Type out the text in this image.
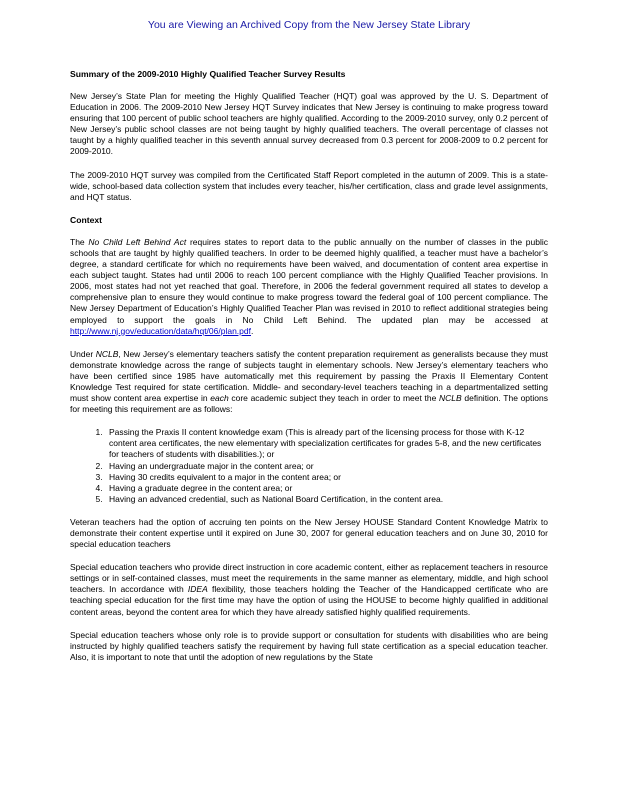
You are Viewing an Archived Copy from the New Jersey State Library
Summary of the 2009-2010 Highly Qualified Teacher Survey Results

New Jersey’s State Plan for meeting the Highly Qualified Teacher (HQT) goal was approved by the U. S. Department of Education in 2006. The 2009-2010 New Jersey HQT Survey indicates that New Jersey is continuing to make progress toward ensuring that 100 percent of public school teachers are highly qualified. According to the 2009-2010 survey, only 0.2 percent of New Jersey’s public school classes are not being taught by highly qualified teachers. The overall percentage of classes not taught by a highly qualified teacher in this seventh annual survey decreased from 0.3 percent for 2008-2009 to 0.2 percent for 2009-2010.

The 2009-2010 HQT survey was compiled from the Certificated Staff Report completed in the autumn of 2009. This is a state-wide, school-based data collection system that includes every teacher, his/her certification, class and grade level assignments, and HQT status.

Context

The No Child Left Behind Act requires states to report data to the public annually on the number of classes in the public schools that are taught by highly qualified teachers. In order to be deemed highly qualified, a teacher must have a bachelor’s degree, a standard certificate for which no requirements have been waived, and documentation of content area expertise in each subject taught. States had until 2006 to reach 100 percent compliance with the Highly Qualified Teacher provisions. In 2006, most states had not yet reached that goal. Therefore, in 2006 the federal government required all states to develop a comprehensive plan to ensure they would continue to make progress toward the federal goal of 100 percent compliance. The New Jersey Department of Education’s Highly Qualified Teacher Plan was revised in 2010 to reflect additional strategies being employed to support the goals in No Child Left Behind. The updated plan may be accessed at http://www.nj.gov/education/data/hqt/06/plan.pdf.

Under NCLB, New Jersey’s elementary teachers satisfy the content preparation requirement as generalists because they must demonstrate knowledge across the range of subjects taught in elementary schools. New Jersey’s elementary teachers who have been certified since 1985 have automatically met this requirement by passing the Praxis II Elementary Content Knowledge Test required for state certification. Middle- and secondary-level teachers teaching in a departmentalized setting must show content area expertise in each core academic subject they teach in order to meet the NCLB definition. The options for meeting this requirement are as follows:

1. Passing the Praxis II content knowledge exam (This is already part of the licensing process for those with K-12 content area certificates, the new elementary with specialization certificates for grades 5-8, and the new certificates for teachers of students with disabilities.); or
2. Having an undergraduate major in the content area; or
3. Having 30 credits equivalent to a major in the content area; or
4. Having a graduate degree in the content area; or
5. Having an advanced credential, such as National Board Certification, in the content area.

Veteran teachers had the option of accruing ten points on the New Jersey HOUSE Standard Content Knowledge Matrix to demonstrate their content expertise until it expired on June 30, 2007 for general education teachers and on June 30, 2010 for special education teachers

Special education teachers who provide direct instruction in core academic content, either as replacement teachers in resource settings or in self-contained classes, must meet the requirements in the same manner as elementary, middle, and high school teachers. In accordance with IDEA flexibility, those teachers holding the Teacher of the Handicapped certificate who are teaching special education for the first time may have the option of using the HOUSE to become highly qualified in additional content areas, beyond the content area for which they have already satisfied highly qualified requirements.

Special education teachers whose only role is to provide support or consultation for students with disabilities who are being instructed by highly qualified teachers satisfy the requirement by having full state certification as a special education teacher. Also, it is important to note that until the adoption of new regulations by the State
